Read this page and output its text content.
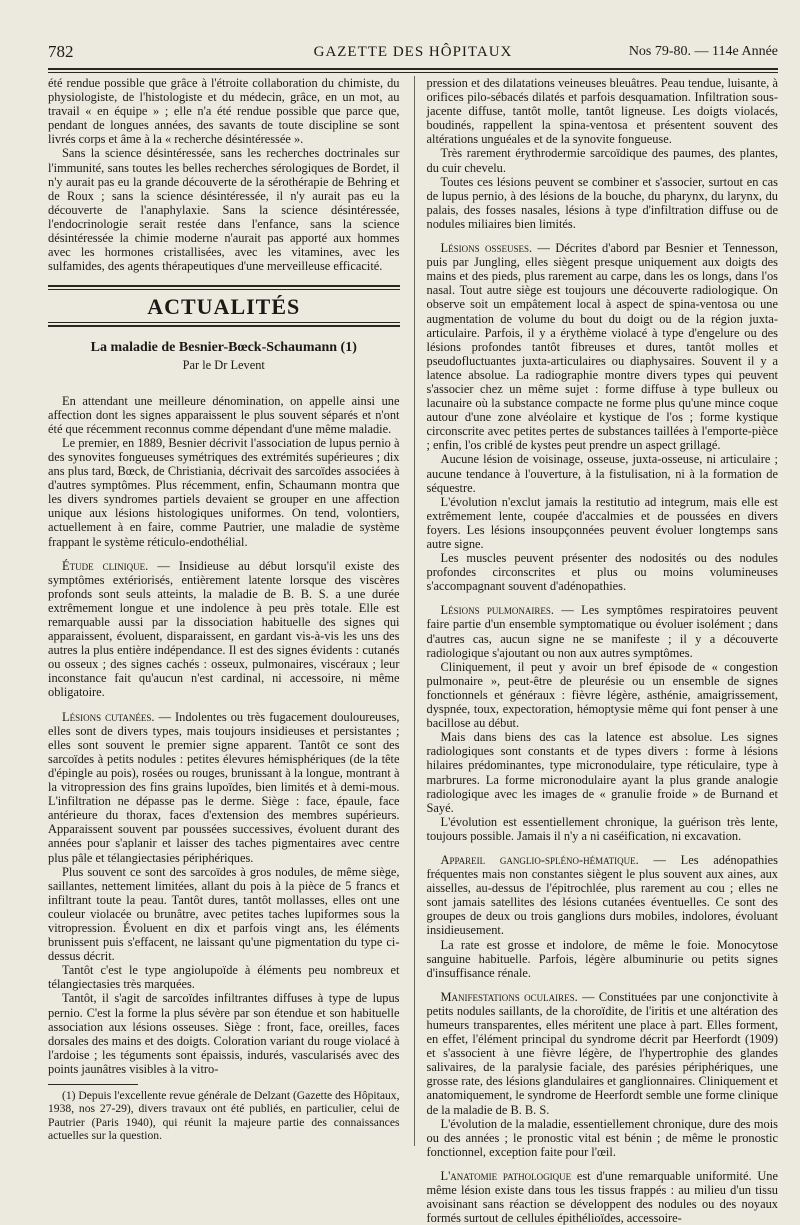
782	GAZETTE DES HÔPITAUX	Nos 79-80. — 114e Année

été rendue possible que grâce à l'étroite collaboration du chimiste, du physiologiste, de l'histologiste et du médecin, grâce, en un mot, au travail « en équipe » ; elle n'a été rendue possible que parce que, pendant de longues années, des savants de toute discipline se sont livrés corps et âme à la « recherche désintéressée ».

Sans la science désintéressée, sans les recherches doctrinales sur l'immunité, sans toutes les belles recherches sérologiques de Bordet, il n'y aurait pas eu la grande découverte de la sérothérapie de Behring et de Roux ; sans la science désintéressée, il n'y aurait pas eu la découverte de l'anaphylaxie. Sans la science désintéressée, l'endocrinologie serait restée dans l'enfance, sans la science désintéressée la chimie moderne n'aurait pas apporté aux hommes avec les hormones cristallisées, avec les vitamines, avec les sulfamides, des agents thérapeutiques d'une merveilleuse efficacité.

ACTUALITÉS
La maladie de Besnier-Bœck-Schaumann (1)
Par le Dr Levent

En attendant une meilleure dénomination, on appelle ainsi une affection dont les signes apparaissent le plus souvent séparés et n'ont été que récemment reconnus comme dépendant d'une même maladie.

Le premier, en 1889, Besnier décrivit l'association de lupus pernio à des synovites fongueuses symétriques des extrémités supérieures ; dix ans plus tard, Bœck, de Christiania, décrivait des sarcoïdes associées à d'autres symptômes. Plus récemment, enfin, Schaumann montra que les divers syndromes partiels devaient se grouper en une affection unique aux lésions histologiques uniformes. On tend, volontiers, actuellement à en faire, comme Pautrier, une maladie de système frappant le système réticulo-endothélial.

Étude clinique. — Insidieuse au début lorsqu'il existe des symptômes extériorisés, entièrement latente lorsque des viscères profonds sont seuls atteints, la maladie de B. B. S. a une durée extrêmement longue et une indolence à peu près totale. Elle est remarquable aussi par la dissociation habituelle des signes qui apparaissent, évoluent, disparaissent, en gardant vis-à-vis les uns des autres la plus entière indépendance. Il est des signes évidents : cutanés ou osseux ; des signes cachés : osseux, pulmonaires, viscéraux ; leur inconstance fait qu'aucun n'est cardinal, ni accessoire, ni même obligatoire.

Lésions cutanées. — Indolentes ou très fugacement douloureuses, elles sont de divers types, mais toujours insidieuses et persistantes ; elles sont souvent le premier signe apparent. Tantôt ce sont des sarcoïdes à petits nodules : petites élevures hémisphériques (de la tête d'épingle au pois), rosées ou rouges, brunissant à la longue, montrant à la vitropression des fins grains lupoïdes, bien limités et à demi-mous. L'infiltration ne dépasse pas le derme. Siège : face, épaule, face antérieure du thorax, faces d'extension des membres supérieurs. Apparaissent souvent par poussées successives, évoluent durant des années pour s'aplanir et laisser des taches pigmentaires avec centre plus pâle et télangiectasies périphériques.

Plus souvent ce sont des sarcoïdes à gros nodules, de même siège, saillantes, nettement limitées, allant du pois à la pièce de 5 francs et infiltrant toute la peau. Tantôt dures, tantôt mollasses, elles ont une couleur violacée ou brunâtre, avec petites taches lupiformes sous la vitropression. Évoluent en dix et parfois vingt ans, les éléments brunissent puis s'effacent, ne laissant qu'une pigmentation du type ci-dessus décrit.

Tantôt c'est le type angiolupoïde à éléments peu nombreux et télangiectasies très marquées.

Tantôt, il s'agit de sarcoïdes infiltrantes diffuses à type de lupus pernio. C'est la forme la plus sévère par son étendue et son habituelle association aux lésions osseuses. Siège : front, face, oreilles, faces dorsales des mains et des doigts. Coloration variant du rouge violacé à l'ardoise ; les téguments sont épaissis, indurés, vascularisés avec des points jaunâtres visibles à la vitro-

(1) Depuis l'excellente revue générale de Delzant (Gazette des Hôpitaux, 1938, nos 27-29), divers travaux ont été publiés, en particulier, celui de Pautrier (Paris 1940), qui réunit la majeure partie des connaissances actuelles sur la question.

pression et des dilatations veineuses bleuâtres. Peau tendue, luisante, à orifices pilo-sébacés dilatés et parfois desquamation. Infiltration sous-jacente diffuse, tantôt molle, tantôt ligneuse. Les doigts violacés, boudinés, rappellent la spina-ventosa et présentent souvent des altérations unguéales et de la synovite fongueuse.

Très rarement érythrodermie sarcoïdique des paumes, des plantes, du cuir chevelu.

Toutes ces lésions peuvent se combiner et s'associer, surtout en cas de lupus pernio, à des lésions de la bouche, du pharynx, du larynx, du palais, des fosses nasales, lésions à type d'infiltration diffuse ou de nodules miliaires bien limités.

Lésions osseuses. — Décrites d'abord par Besnier et Tennesson, puis par Jungling, elles siègent presque uniquement aux doigts des mains et des pieds, plus rarement au carpe, dans les os longs, dans l'os nasal. Tout autre siège est toujours une découverte radiologique. On observe soit un empâtement local à aspect de spina-ventosa ou une augmentation de volume du bout du doigt ou de la région juxta-articulaire. Parfois, il y a érythème violacé à type d'engelure ou des lésions profondes tantôt fibreuses et dures, tantôt molles et pseudofluctuantes juxta-articulaires ou diaphysaires. Souvent il y a latence absolue. La radiographie montre divers types qui peuvent s'associer chez un même sujet : forme diffuse à type bulleux ou lacunaire où la substance compacte ne forme plus qu'une mince coque autour d'une zone alvéolaire et kystique de l'os ; forme kystique circonscrite avec petites pertes de substances taillées à l'emporte-pièce ; enfin, l'os criblé de kystes peut prendre un aspect grillagé.

Aucune lésion de voisinage, osseuse, juxta-osseuse, ni articulaire ; aucune tendance à l'ouverture, à la fistulisation, ni à la formation de séquestre.

L'évolution n'exclut jamais la restitutio ad integrum, mais elle est extrêmement lente, coupée d'accalmies et de poussées en divers foyers. Les lésions insoupçonnées peuvent évoluer longtemps sans autre signe.

Les muscles peuvent présenter des nodosités ou des nodules profondes circonscrites et plus ou moins volumineuses s'accompagnant souvent d'adénopathies.

Lésions pulmonaires. — Les symptômes respiratoires peuvent faire partie d'un ensemble symptomatique ou évoluer isolément ; dans d'autres cas, aucun signe ne se manifeste ; il y a découverte radiologique s'ajoutant ou non aux autres symptômes.

Cliniquement, il peut y avoir un bref épisode de « congestion pulmonaire », peut-être de pleurésie ou un ensemble de signes fonctionnels et généraux : fièvre légère, asthénie, amaigrissement, dyspnée, toux, expectoration, hémoptysie même qui font penser à une bacillose au début.

Mais dans biens des cas la latence est absolue. Les signes radiologiques sont constants et de types divers : forme à lésions hilaires prédominantes, type micronodulaire, type réticulaire, type à marbrures. La forme micronodulaire ayant la plus grande analogie radiologique avec les images de « granulie froide » de Burnand et Sayé.

L'évolution est essentiellement chronique, la guérison très lente, toujours possible. Jamais il n'y a ni caséification, ni excavation.

Appareil ganglio-spléno-hématique. — Les adénopathies fréquentes mais non constantes siègent le plus souvent aux aines, aux aisselles, au-dessus de l'épitrochlée, plus rarement au cou ; elles ne sont jamais satellites des lésions cutanées éventuelles. Ce sont des groupes de deux ou trois ganglions durs mobiles, indolores, évoluant insidieusement.

La rate est grosse et indolore, de même le foie. Monocytose sanguine habituelle. Parfois, légère albuminurie ou petits signes d'insuffisance rénale.

Manifestations oculaires. — Constituées par une conjonctivite à petits nodules saillants, de la choroïdite, de l'iritis et une altération des humeurs transparentes, elles méritent une place à part. Elles forment, en effet, l'élément principal du syndrome décrit par Heerfordt (1909) et s'associent à une fièvre légère, de l'hypertrophie des glandes salivaires, de la paralysie faciale, des parésies périphériques, une grosse rate, des lésions glandulaires et ganglionnaires. Cliniquement et anatomiquement, le syndrome de Heerfordt semble une forme clinique de la maladie de B. B. S.

L'évolution de la maladie, essentiellement chronique, dure des mois ou des années ; le pronostic vital est bénin ; de même le pronostic fonctionnel, exception faite pour l'œil.

L'anatomie pathologique est d'une remarquable uniformité. Une même lésion existe dans tous les tissus frappés : au milieu d'un tissu avoisinant sans réaction se développent des nodules ou des noyaux formés surtout de cellules épithélioïdes, accessoire-
